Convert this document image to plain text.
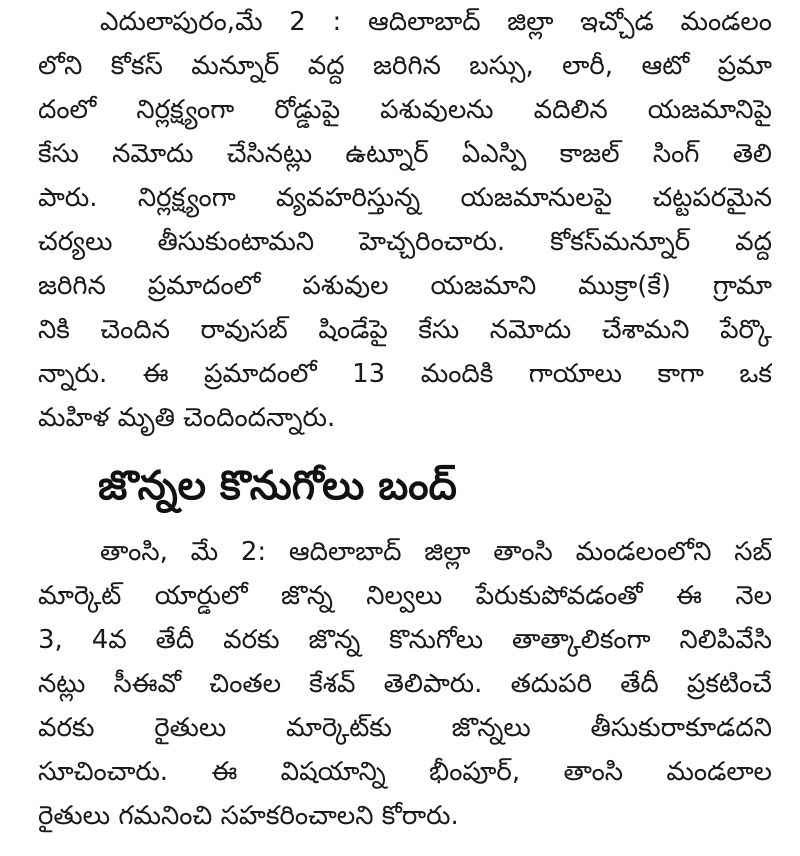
ఎదులాపురం,మే 2 : ఆదిలాబాద్ జిల్లా ఇచ్చోడ మండలం
లోని కోకస్ మన్నూర్ వద్ద జరిగిన బస్సు, లారీ, ఆటో ప్రమా
దంలో నిర్లక్ష్యంగా రోడ్డుపై పశువులను వదిలిన యజమానిపై
కేసు నమోదు చేసినట్లు ఉట్నూర్ ఏఎస్పి కాజల్ సింగ్ తెలి
పారు. నిర్లక్ష్యంగా వ్యవహరిస్తున్న యజమానులపై చట్టపరమైన
చర్యలు తీసుకుంటామని హెచ్చరించారు. కోకస్‌మన్నూర్ వద్ద
జరిగిన ప్రమాదంలో పశువుల యజమాని ముక్రా(కే) గ్రామా
నికి చెందిన రావుసబ్ షిండేపై కేసు నమోదు చేశామని పేర్కొ
న్నారు. ఈ ప్రమాదంలో 13 మందికి గాయాలు కాగా ఒక
మహిళ మృతి చెందిందన్నారు.
జొన్నల కొనుగోలు బంద్
తాంసి, మే 2: ఆదిలాబాద్ జిల్లా తాంసి మండలంలోని సబ్
మార్కెట్ యార్డులో జొన్న నిల్వలు పేరుకుపోవడంతో ఈ నెల
3, 4వ తేదీ వరకు జొన్న కొనుగోలు తాత్కాలికంగా నిలిపివేసి
నట్లు సీఈవో చింతల కేశవ్ తెలిపారు. తదుపరి తేదీ ప్రకటించే
వరకు రైతులు మార్కెట్‌కు జొన్నలు తీసుకురాకూడదని
సూచించారు. ఈ విషయాన్ని భీంపూర్, తాంసి మండలాల
రైతులు గమనించి సహకరించాలని కోరారు.
